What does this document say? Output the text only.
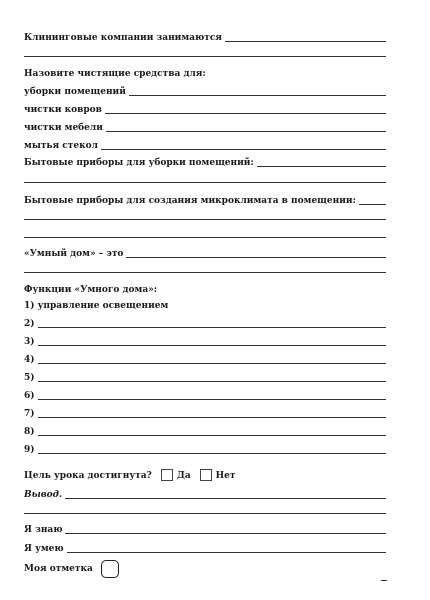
Клининговые компании занимаются
Назовите чистящие средства для:
уборки помещений
чистки ковров
чистки мебели
мытья стекол
Бытовые приборы для уборки помещений:
Бытовые приборы для создания микроклимата в помещении:
«Умный дом» – это
Функции «Умного дома»:
1) управление освещением
2)
3)
4)
5)
6)
7)
8)
9)
Цель урока достигнута?	Да	Нет
Вывод.
Я знаю
Я умею
Моя отметка
